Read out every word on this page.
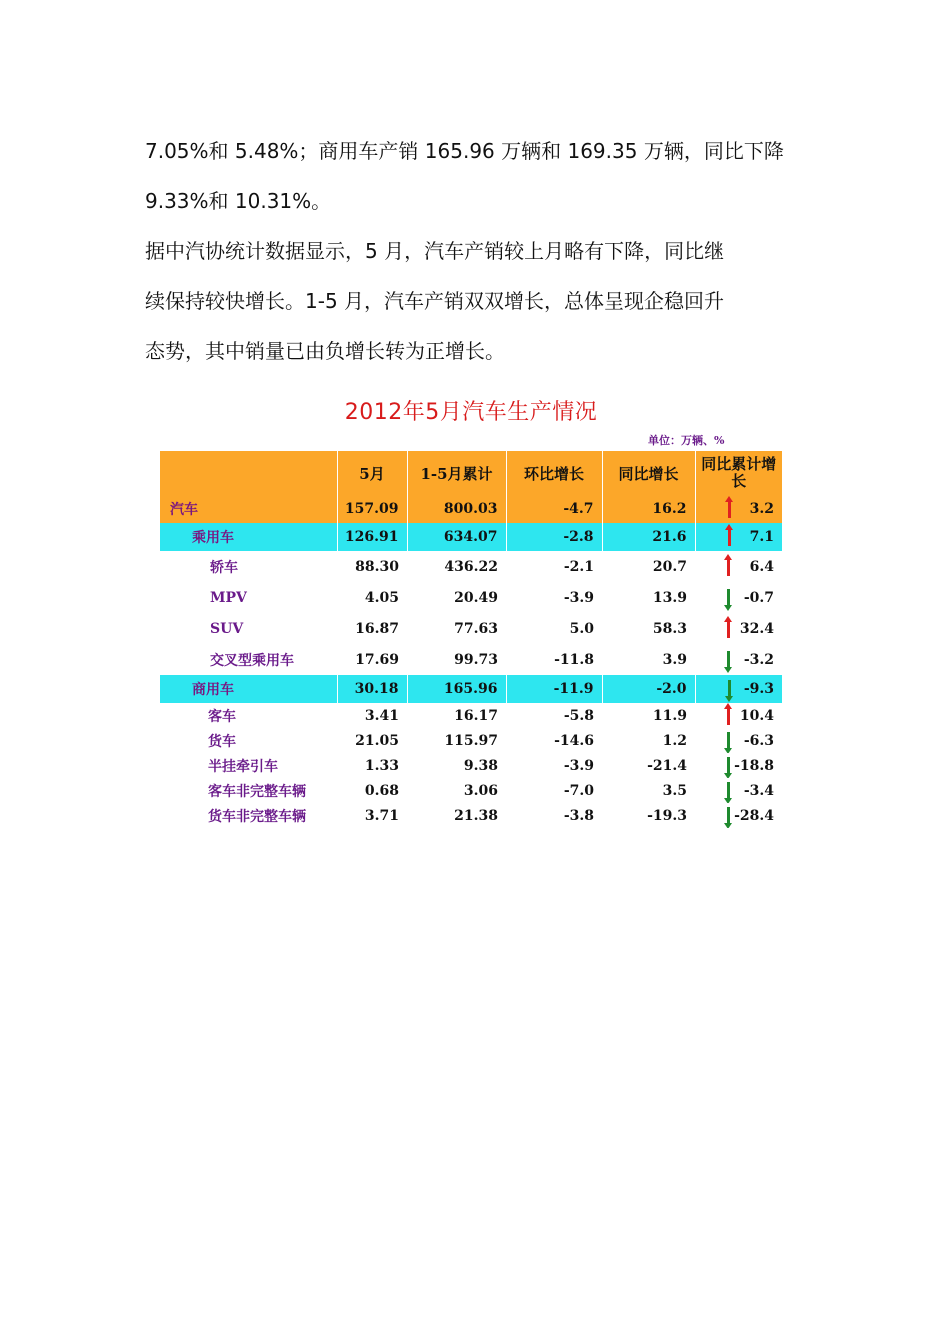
7.05%和 5.48%；商用车产销 165.96 万辆和 169.35 万辆，同比下降
9.33%和 10.31%。
据中汽协统计数据显示，5 月，汽车产销较上月略有下降，同比继
续保持较快增长。1-5 月，汽车产销双双增长，总体呈现企稳回升
态势，其中销量已由负增长转为正增长。
2012年5月汽车生产情况
单位：万辆、%
	5月	1-5月累计	环比增长	同比增长	同比累计增长
汽车	157.09	800.03	-4.7	16.2	3.2
乘用车	126.91	634.07	-2.8	21.6	7.1
轿车	88.30	436.22	-2.1	20.7	6.4
MPV	4.05	20.49	-3.9	13.9	-0.7
SUV	16.87	77.63	5.0	58.3	32.4
交叉型乘用车	17.69	99.73	-11.8	3.9	-3.2
商用车	30.18	165.96	-11.9	-2.0	-9.3
客车	3.41	16.17	-5.8	11.9	10.4
货车	21.05	115.97	-14.6	1.2	-6.3
半挂牵引车	1.33	9.38	-3.9	-21.4	-18.8
客车非完整车辆	0.68	3.06	-7.0	3.5	-3.4
货车非完整车辆	3.71	21.38	-3.8	-19.3	-28.4
